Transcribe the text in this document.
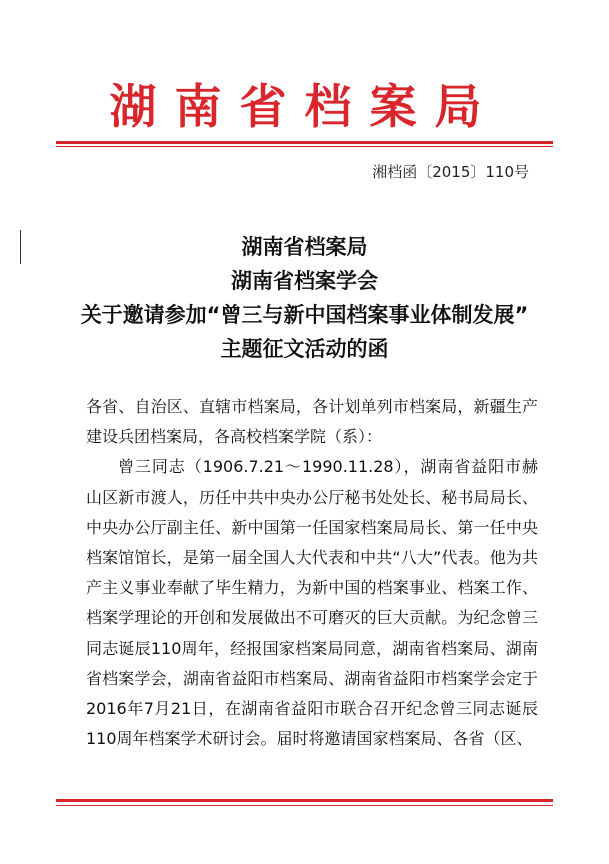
湖南省档案局
湘档函〔2015〕110号
湖南省档案局
湖南省档案学会
关于邀请参加“曾三与新中国档案事业体制发展”
主题征文活动的函

各省、自治区、直辖市档案局，各计划单列市档案局，新疆生产建设兵团档案局，各高校档案学院（系）：

曾三同志（1906.7.21～1990.11.28），湖南省益阳市赫山区新市渡人，历任中共中央办公厅秘书处处长、秘书局局长、中央办公厅副主任、新中国第一任国家档案局局长、第一任中央档案馆馆长，是第一届全国人大代表和中共“八大”代表。他为共产主义事业奉献了毕生精力，为新中国的档案事业、档案工作、档案学理论的开创和发展做出不可磨灭的巨大贡献。为纪念曾三同志诞辰110周年，经报国家档案局同意，湖南省档案局、湖南省档案学会，湖南省益阳市档案局、湖南省益阳市档案学会定于2016年7月21日，在湖南省益阳市联合召开纪念曾三同志诞辰110周年档案学术研讨会。届时将邀请国家档案局、各省（区、
